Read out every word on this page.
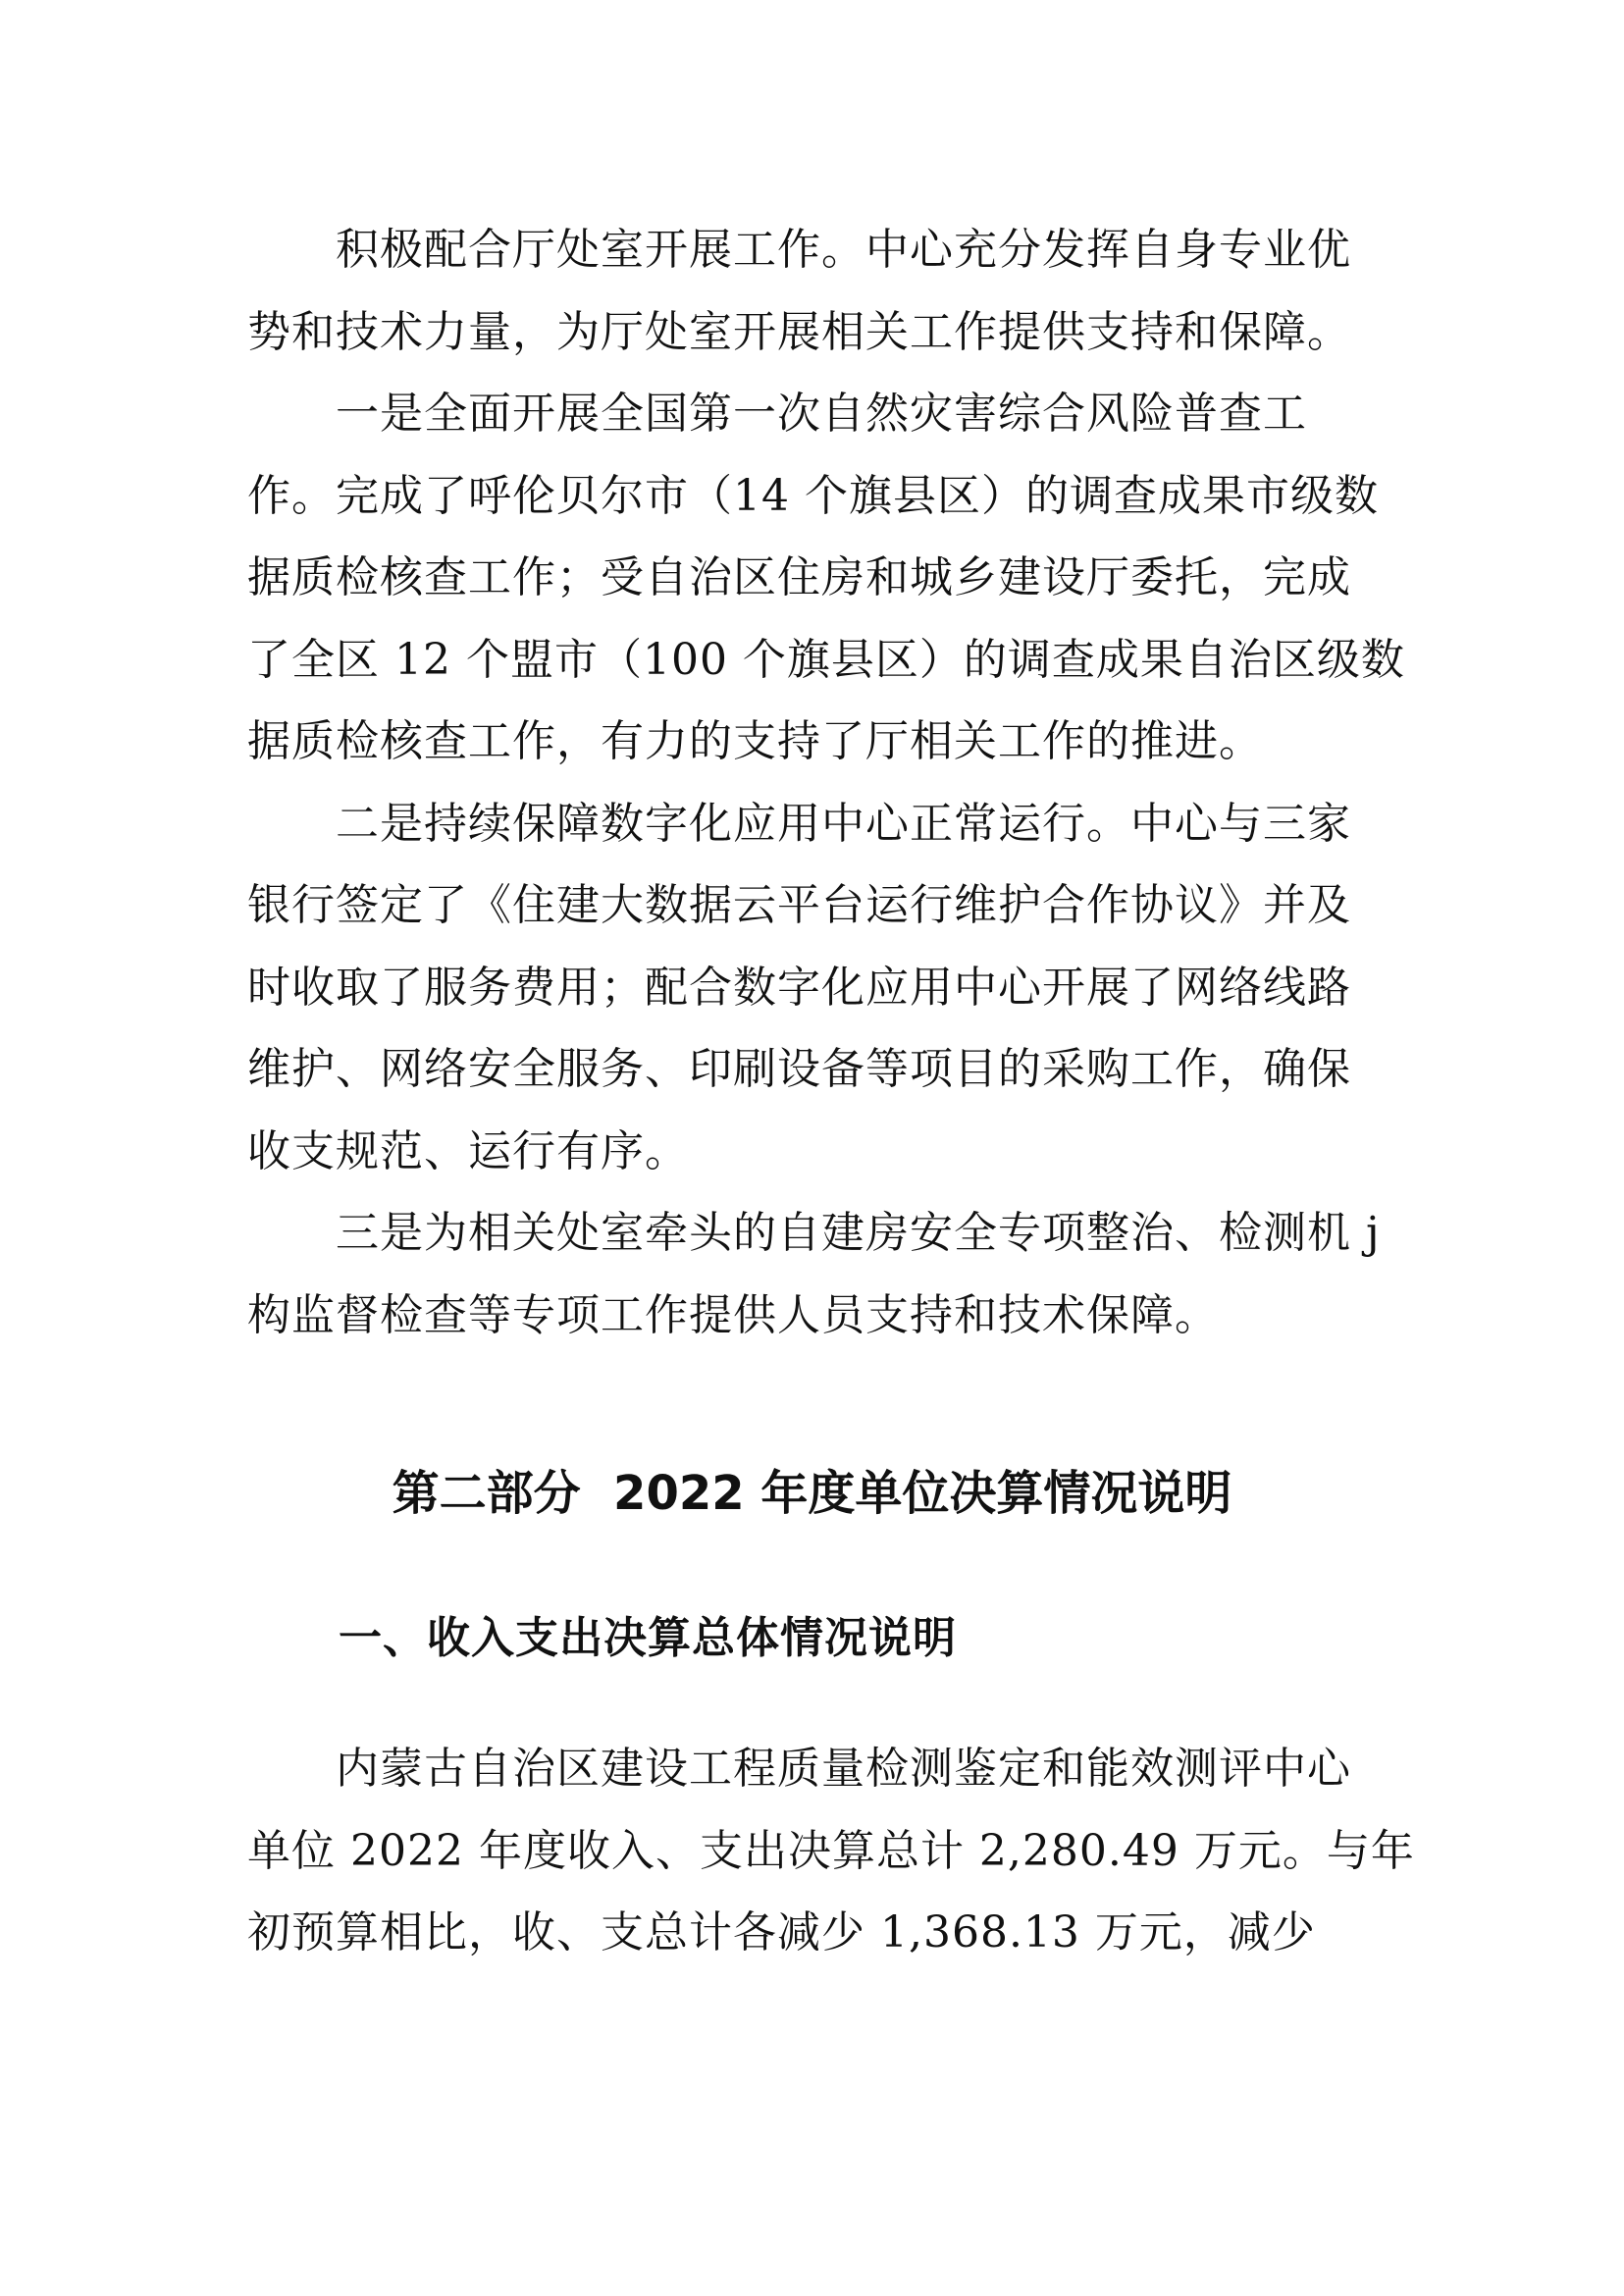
积极配合厅处室开展工作。中心充分发挥自身专业优
势和技术力量，为厅处室开展相关工作提供支持和保障。
一是全面开展全国第一次自然灾害综合风险普查工
作。完成了呼伦贝尔市（14 个旗县区）的调查成果市级数
据质检核查工作；受自治区住房和城乡建设厅委托，完成
了全区 12 个盟市（100 个旗县区）的调查成果自治区级数
据质检核查工作，有力的支持了厅相关工作的推进。
二是持续保障数字化应用中心正常运行。中心与三家
银行签定了《住建大数据云平台运行维护合作协议》并及
时收取了服务费用；配合数字化应用中心开展了网络线路
维护、网络安全服务、印刷设备等项目的采购工作，确保
收支规范、运行有序。
三是为相关处室牵头的自建房安全专项整治、检测机 j
构监督检查等专项工作提供人员支持和技术保障。
第二部分  2022 年度单位决算情况说明
一、收入支出决算总体情况说明
内蒙古自治区建设工程质量检测鉴定和能效测评中心
单位 2022 年度收入、支出决算总计 2,280.49 万元。与年
初预算相比，收、支总计各减少 1,368.13 万元，减少
